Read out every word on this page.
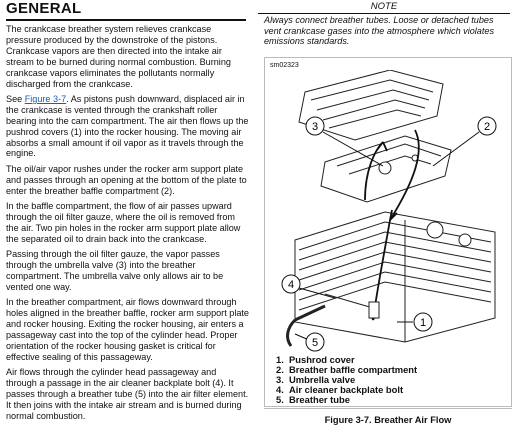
GENERAL

The crankcase breather system relieves crankcase pressure produced by the downstroke of the pistons. Crankcase vapors are then directed into the intake air stream to be burned during normal combustion. Burning crankcase vapors eliminates the pollutants normally discharged from the crankcase.

See Figure 3-7. As pistons push downward, displaced air in the crankcase is vented through the crankshaft roller bearing into the cam compartment. The air then flows up the pushrod covers (1) into the rocker housing. The moving air absorbs a small amount if oil vapor as it travels through the engine.

The oil/air vapor rushes under the rocker arm support plate and passes through an opening at the bottom of the plate to enter the breather baffle compartment (2).

In the baffle compartment, the flow of air passes upward through the oil filter gauze, where the oil is removed from the air. Two pin holes in the rocker arm support plate allow the separated oil to drain back into the crankcase.

Passing through the oil filter gauze, the vapor passes through the umbrella valve (3) into the breather compartment. The umbrella valve only allows air to be vented one way.

In the breather compartment, air flows downward through holes aligned in the breather baffle, rocker arm support plate and rocker housing. Exiting the rocker housing, air enters a passageway cast into the top of the cylinder head. Proper orientation of the rocker housing gasket is critical for effective sealing of this passageway.

Air flows through the cylinder head passageway and through a passage in the air cleaner backplate bolt (4). It passes through a breather tube (5) into the air filter element. It then joins with the intake air stream and is burned during normal combustion.

NOTE
Always connect breather tubes. Loose or detached tubes vent crankcase gases into the atmosphere which violates emissions standards.
sm02323
1
2
3
4
5
1. Pushrod cover
2. Breather baffle compartment
3. Umbrella valve
4. Air cleaner backplate bolt
5. Breather tube
Figure 3-7. Breather Air Flow
